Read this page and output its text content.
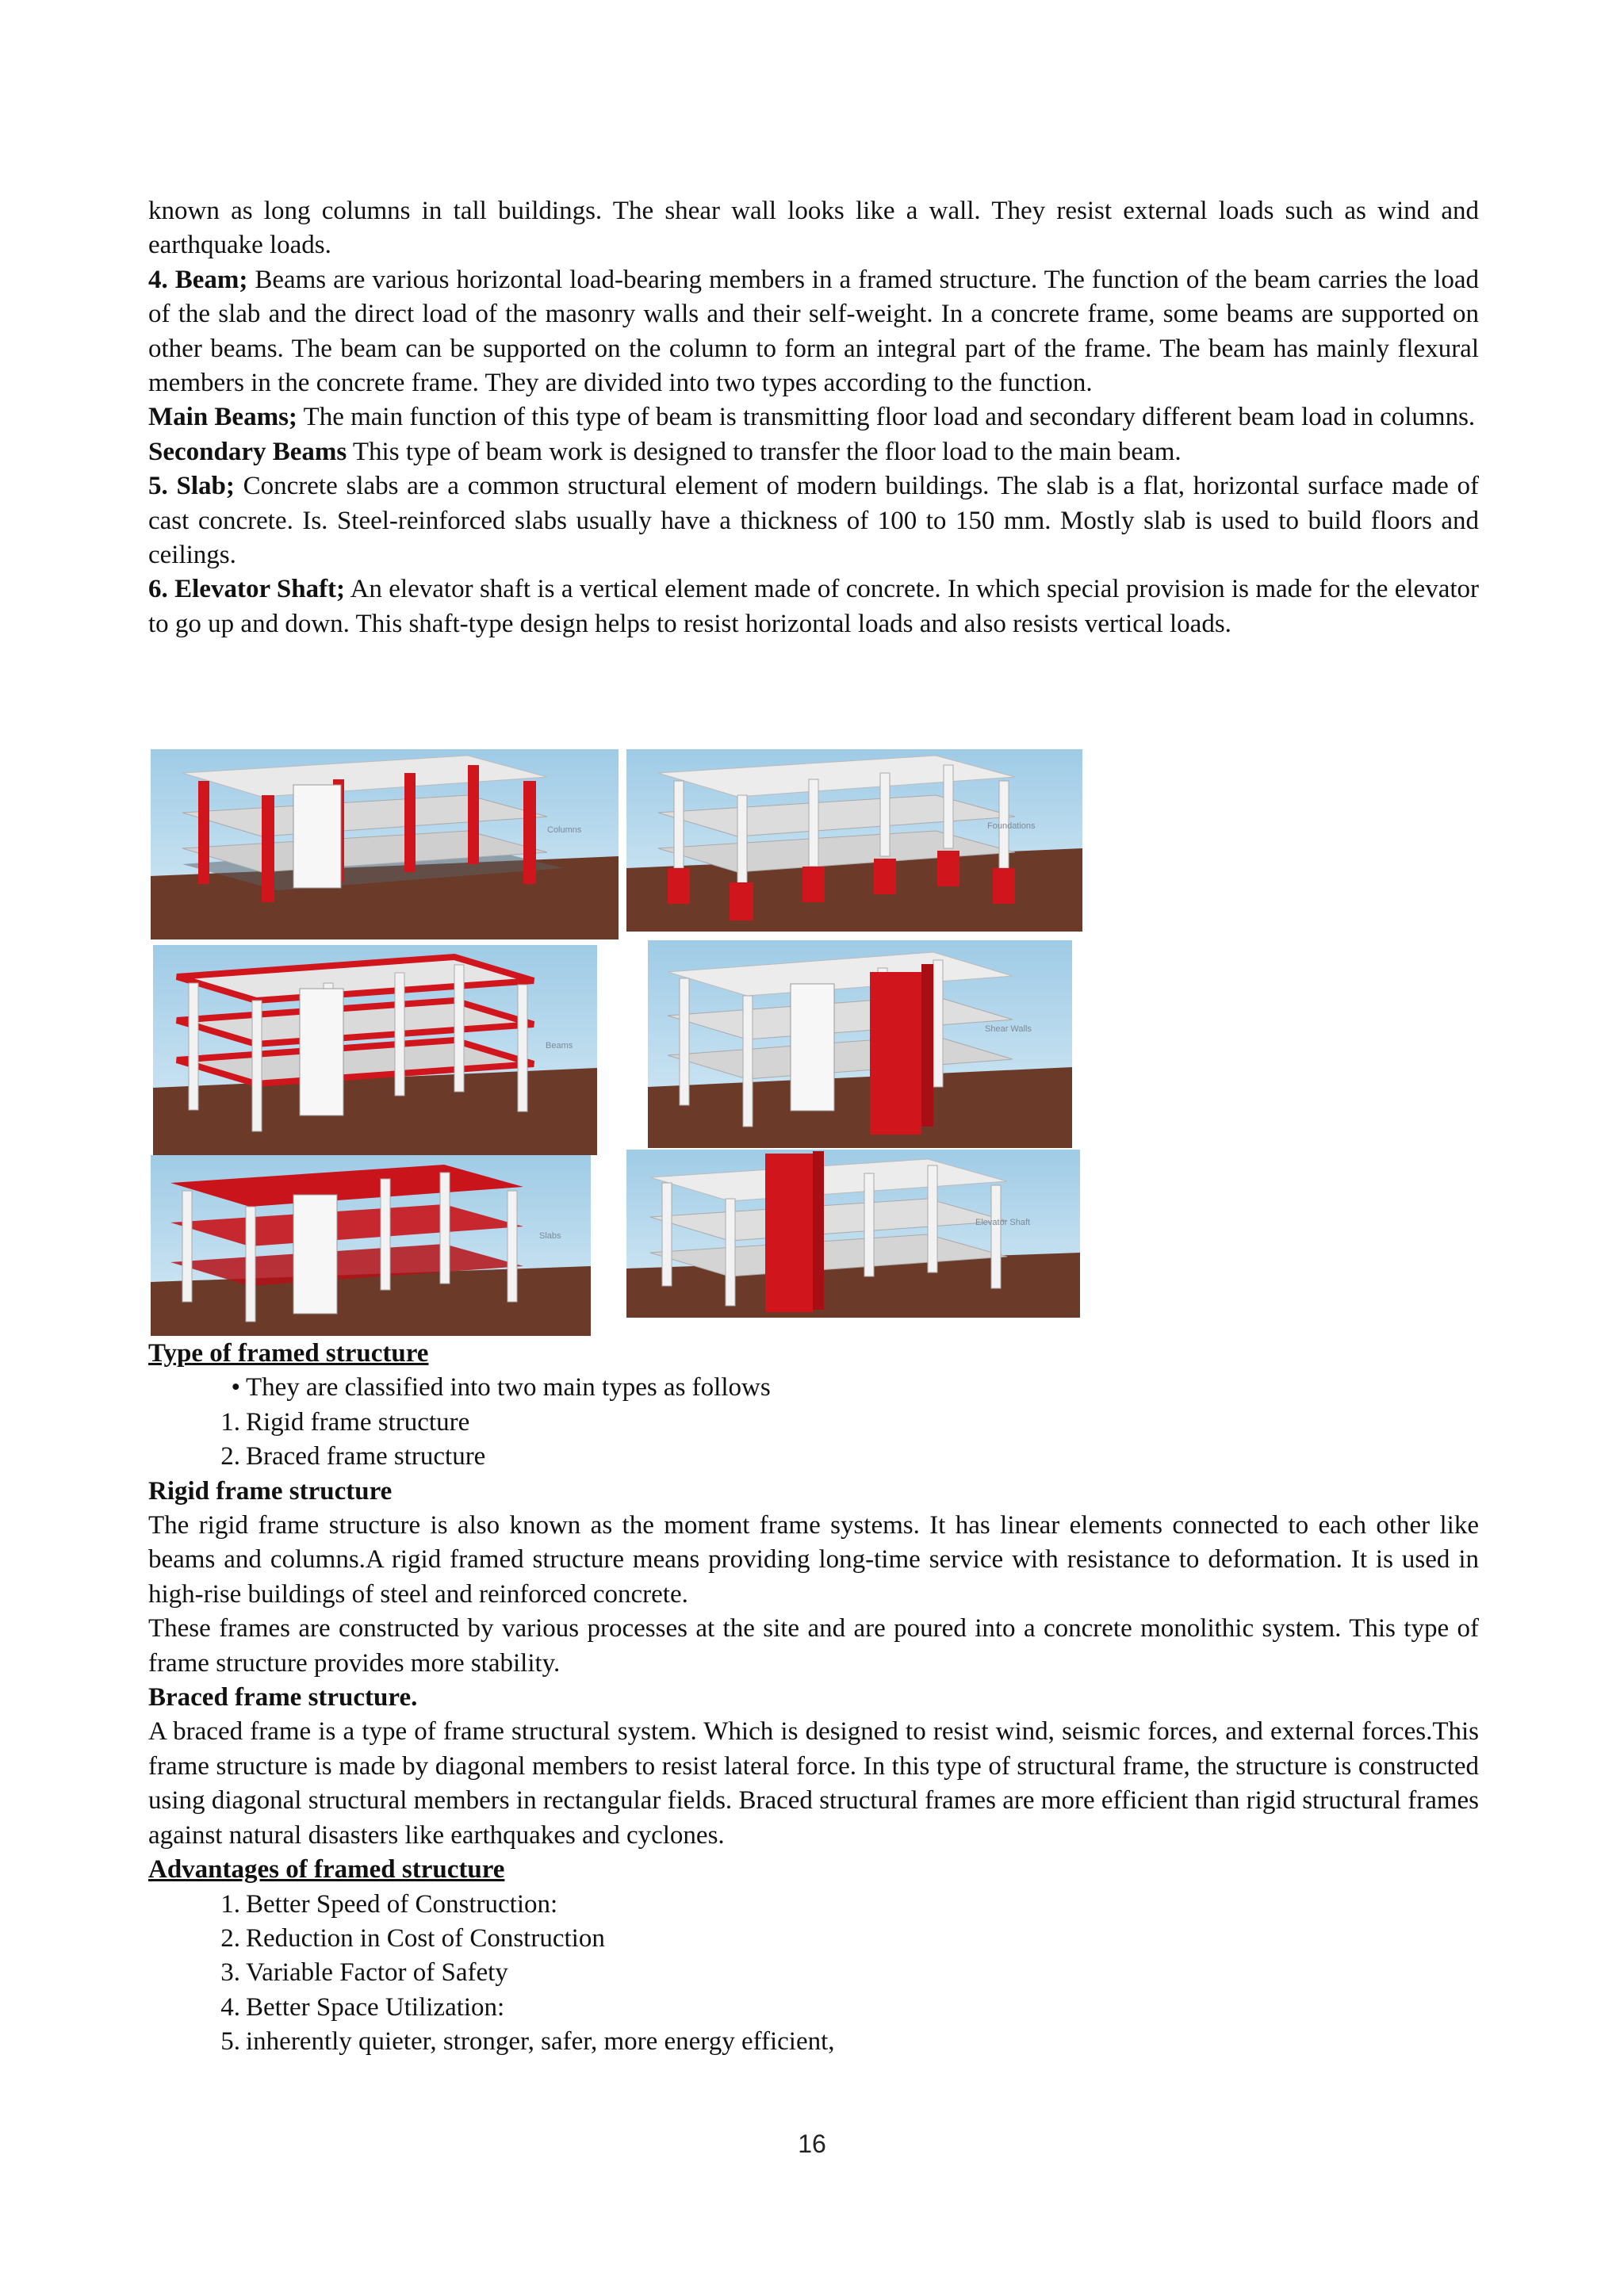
known as long columns in tall buildings. The shear wall looks like a wall. They resist external loads such as wind and earthquake loads.

4. Beam; Beams are various horizontal load-bearing members in a framed structure. The function of the beam carries the load of the slab and the direct load of the masonry walls and their self-weight. In a concrete frame, some beams are supported on other beams. The beam can be supported on the column to form an integral part of the frame. The beam has mainly flexural members in the concrete frame. They are divided into two types according to the function.

Main Beams; The main function of this type of beam is transmitting floor load and secondary different beam load in columns.

Secondary Beams This type of beam work is designed to transfer the floor load to the main beam.

5. Slab; Concrete slabs are a common structural element of modern buildings. The slab is a flat, horizontal surface made of cast concrete. Is. Steel-reinforced slabs usually have a thickness of 100 to 150 mm. Mostly slab is used to build floors and ceilings.

6. Elevator Shaft; An elevator shaft is a vertical element made of concrete. In which special provision is made for the elevator to go up and down. This shaft-type design helps to resist horizontal loads and also resists vertical loads.

Columns	Foundations
Beams
Shear Walls
Slabs
Elevator Shaft

Type of framed structure

• They are classified into two main types as follows
1. Rigid frame structure
2. Braced frame structure

Rigid frame structure

The rigid frame structure is also known as the moment frame systems. It has linear elements connected to each other like beams and columns.A rigid framed structure means providing long-time service with resistance to deformation. It is used in high-rise buildings of steel and reinforced concrete.

These frames are constructed by various processes at the site and are poured into a concrete monolithic system. This type of frame structure provides more stability.

Braced frame structure.

A braced frame is a type of frame structural system. Which is designed to resist wind, seismic forces, and external forces.This frame structure is made by diagonal members to resist lateral force. In this type of structural frame, the structure is constructed using diagonal structural members in rectangular fields. Braced structural frames are more efficient than rigid structural frames against natural disasters like earthquakes and cyclones.

Advantages of framed structure

1. Better Speed of Construction:
2. Reduction in Cost of Construction
3. Variable Factor of Safety
4. Better Space Utilization:
5. inherently quieter, stronger, safer, more energy efficient,
16
